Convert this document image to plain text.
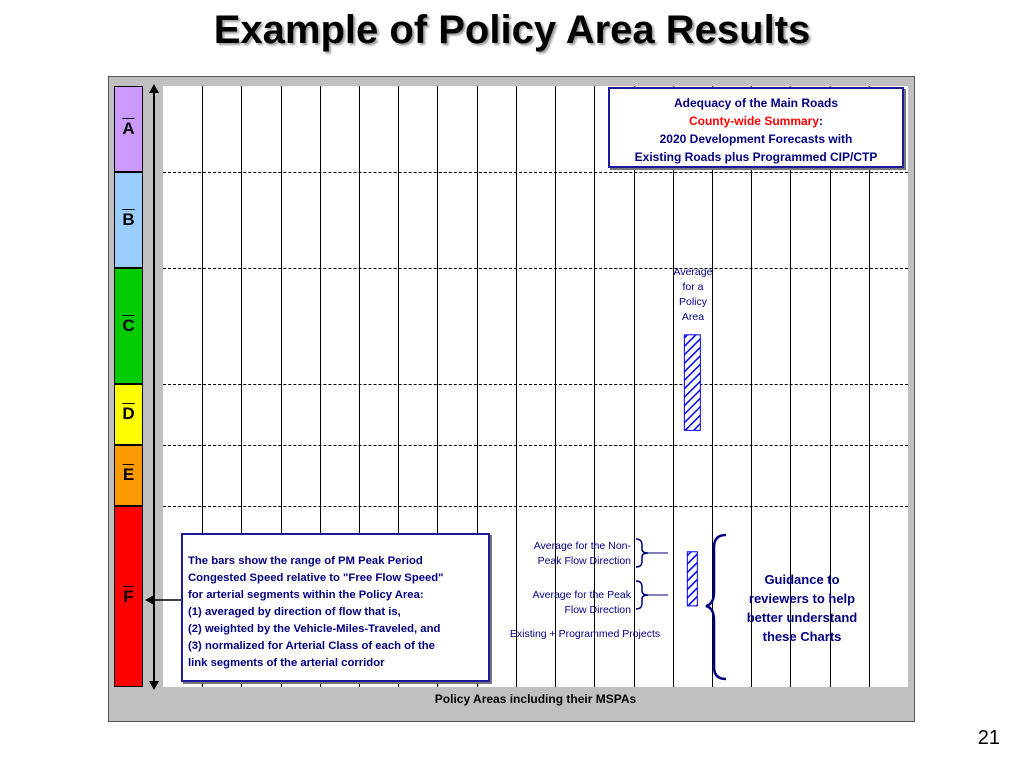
Example of Policy Area Results
$\overline{A}$
$\overline{B}$
$\overline{C}$
$\overline{D}$
$\overline{E}$
$\overline{F}$
Adequacy of the Main Roads
County-wide Summary:
2020 Development Forecasts with
Existing Roads plus Programmed CIP/CTP
Average
for a
Policy
Area
Average for the Non-
Peak Flow Direction
Average for the Peak
Flow Direction
Existing + Programmed Projects
Guidance to
reviewers to help
better understand
these Charts
The bars show the range of PM Peak Period
Congested Speed relative to "Free Flow Speed"
for arterial segments within the Policy Area:
(1) averaged by direction of flow that is,
(2) weighted by the Vehicle-Miles-Traveled, and
(3) normalized for Arterial Class of each of the
link segments of the arterial corridor
Policy Areas including their MSPAs
21
